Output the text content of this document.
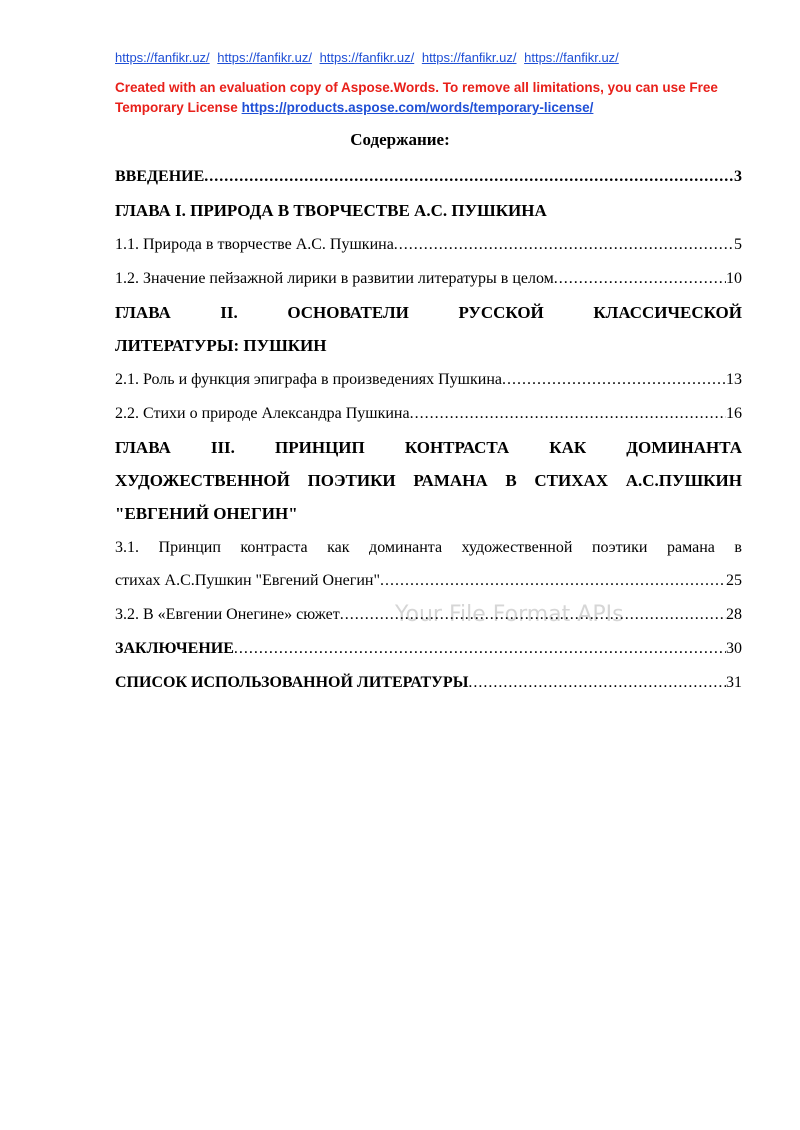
https://fanfikr.uz/ https://fanfikr.uz/ https://fanfikr.uz/ https://fanfikr.uz/ https://fanfikr.uz/
Created with an evaluation copy of Aspose.Words. To remove all limitations, you can use Free Temporary License https://products.aspose.com/words/temporary-license/
Your File Format APIs
Содержание:
ВВЕДЕНИЕ .....	3
ГЛАВА I. ПРИРОДА В ТВОРЧЕСТВЕ А.С. ПУШКИНА
1.1. Природа в творчестве А.С. Пушкина .....	5
1.2. Значение пейзажной лирики в развитии литературы в целом .....	10
ГЛАВА	II.	ОСНОВАТЕЛИ	РУССКОЙ	КЛАССИЧЕСКОЙ
ЛИТЕРАТУРЫ: ПУШКИН
2.1. Роль и функция эпиграфа в произведениях Пушкина .....	13
2.2. Стихи о природе Александра Пушкина .....	16
ГЛАВА III. ПРИНЦИП КОНТРАСТА КАК ДОМИНАНТА
ХУДОЖЕСТВЕННОЙ ПОЭТИКИ РАМАНА В СТИХАХ А.С.ПУШКИН
"ЕВГЕНИЙ ОНЕГИН"
3.1. Принцип контраста как доминанта художественной поэтики рамана в
стихах А.С.Пушкин "Евгений Онегин" .....	25
3.2. В «Евгении Онегине» сюжет .....	28
ЗАКЛЮЧЕНИЕ .....	30
СПИСОК ИСПОЛЬЗОВАННОЙ ЛИТЕРАТУРЫ .....	31
